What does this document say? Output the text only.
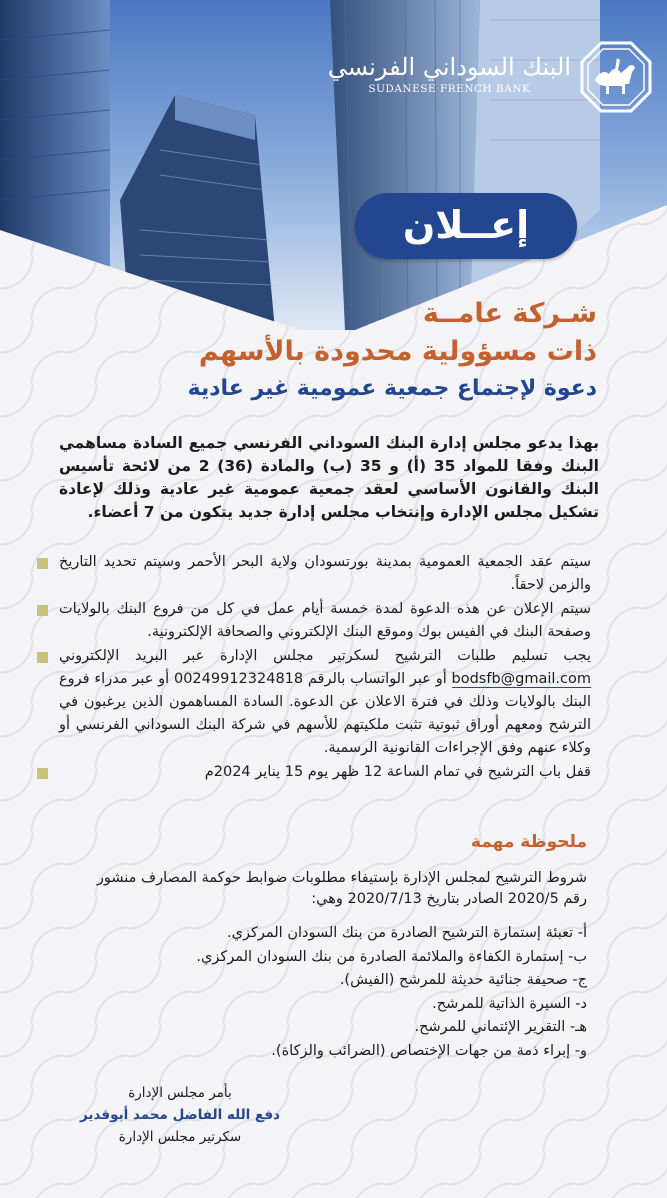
البنك السوداني الفرنسي
SUDANESE FRENCH BANK
إعــلان
شـركة عامــة
ذات مسؤولية محدودة بالأسهم
دعوة لإجتماع جمعية عمومية غير عادية
بهذا يدعو مجلس إدارة البنك السوداني الفرنسي جميع السادة مساهمي البنك وفقا للمواد 35 (أ) و 35 (ب) والمادة (36) 2 من لائحة تأسيس البنك والقانون الأساسي لعقد جمعية عمومية غير عادية وذلك لإعادة تشكيل مجلس الإدارة وإنتخاب مجلس إدارة جديد يتكون من 7 أعضاء.
سيتم عقد الجمعية العمومية بمدينة بورتسودان ولاية البحر الأحمر وسيتم تحديد التاريخ والزمن لاحقاً.
سيتم الإعلان عن هذه الدعوة لمدة خمسة أيام عمل في كل من فروع البنك بالولايات وصفحة البنك في الفيس بوك وموقع البنك الإلكتروني والصحافة الإلكترونية.
يجب تسليم طلبات الترشيح لسكرتير مجلس الإدارة عبر البريد الإلكتروني bodsfb@gmail.com أو عبر الواتساب بالرقم 00249912324818 أو عبر مدراء فروع البنك بالولايات وذلك في فترة الاعلان عن الدعوة. السادة المساهمون الذين يرغبون في الترشح ومعهم أوراق ثبوتية تثبت ملكيتهم للأسهم في شركة البنك السوداني الفرنسي أو وكلاء عنهم وفق الإجراءات القانونية الرسمية.
قفل باب الترشيح في تمام الساعة 12 ظهر يوم 15 يناير 2024م
ملحوظة مهمة
شروط الترشيح لمجلس الإدارة بإستيفاء مطلوبات ضوابط حوكمة المصارف منشور رقم 2020/5 الصادر بتاريخ 2020/7/13 وهي:
أ- تعبئة إستمارة الترشيح الصادرة من بنك السودان المركزي.
ب- إستمارة الكفاءة والملائمة الصادرة من بنك السودان المركزي.
ج- صحيفة جنائية حديثة للمرشح (الفيش).
د- السيرة الذاتية للمرشح.
هـ- التقرير الإئتماني للمرشح.
و- إبراء ذمة من جهات الإختصاص (الضرائب والزكاة).
بأمر مجلس الإدارة
دفع الله الفاضل محمد أبوقدير
سكرتير مجلس الإدارة
